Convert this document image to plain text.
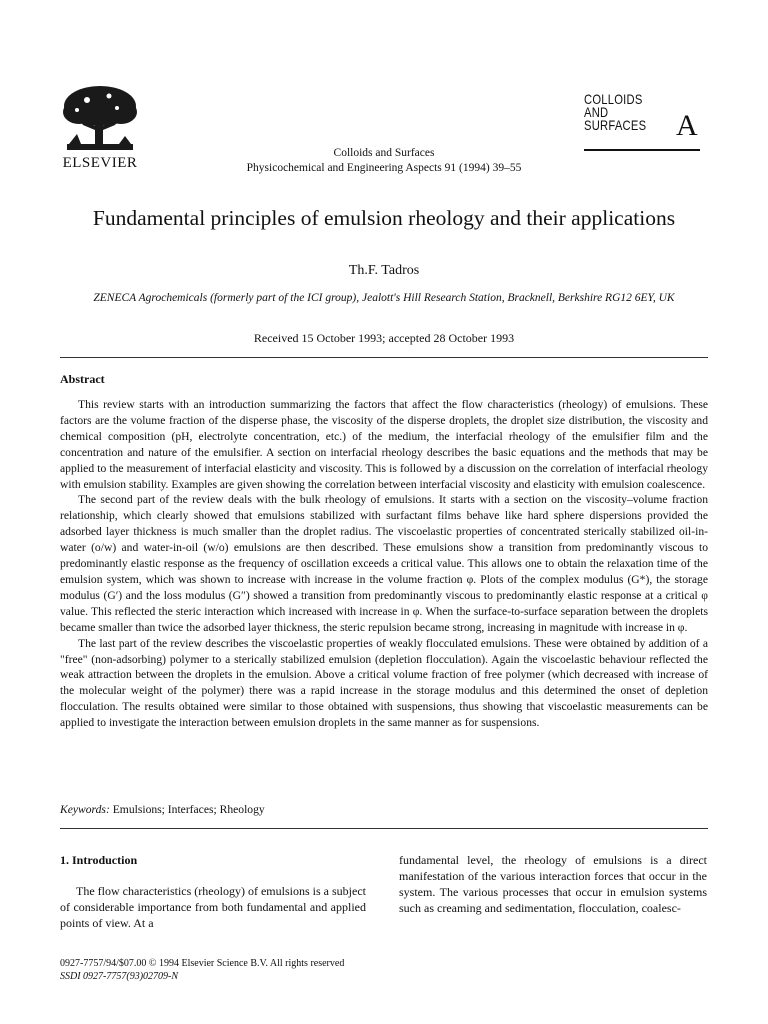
ELSEVIER
Colloids and Surfaces
Physicochemical and Engineering Aspects 91 (1994) 39–55
COLLOIDS
AND
SURFACES A
Fundamental principles of emulsion rheology and their applications
Th.F. Tadros
ZENECA Agrochemicals (formerly part of the ICI group), Jealott's Hill Research Station, Bracknell, Berkshire RG12 6EY, UK
Received 15 October 1993; accepted 28 October 1993
Abstract

This review starts with an introduction summarizing the factors that affect the flow characteristics (rheology) of emulsions. These factors are the volume fraction of the disperse phase, the viscosity of the disperse droplets, the droplet size distribution, the viscosity and chemical composition (pH, electrolyte concentration, etc.) of the medium, the interfacial rheology of the emulsifier film and the concentration and nature of the emulsifier. A section on interfacial rheology describes the basic equations and the methods that may be applied to the measurement of interfacial elasticity and viscosity. This is followed by a discussion on the correlation of interfacial rheology with emulsion stability. Examples are given showing the correlation between interfacial viscosity and elasticity with emulsion coalescence.

The second part of the review deals with the bulk rheology of emulsions. It starts with a section on the viscosity–volume fraction relationship, which clearly showed that emulsions stabilized with surfactant films behave like hard sphere dispersions provided the adsorbed layer thickness is much smaller than the droplet radius. The viscoelastic properties of concentrated sterically stabilized oil-in-water (o/w) and water-in-oil (w/o) emulsions are then described. These emulsions show a transition from predominantly viscous to predominantly elastic response as the frequency of oscillation exceeds a critical value. This allows one to obtain the relaxation time of the emulsion system, which was shown to increase with increase in the volume fraction φ. Plots of the complex modulus (G*), the storage modulus (G′) and the loss modulus (G″) showed a transition from predominantly viscous to predominantly elastic response at a critical φ value. This reflected the steric interaction which increased with increase in φ. When the surface-to-surface separation between the droplets became smaller than twice the adsorbed layer thickness, the steric repulsion became strong, increasing in magnitude with increase in φ.

The last part of the review describes the viscoelastic properties of weakly flocculated emulsions. These were obtained by addition of a "free" (non-adsorbing) polymer to a sterically stabilized emulsion (depletion flocculation). Again the viscoelastic behaviour reflected the weak attraction between the droplets in the emulsion. Above a critical volume fraction of free polymer (which decreased with increase of the molecular weight of the polymer) there was a rapid increase in the storage modulus and this determined the onset of depletion flocculation. The results obtained were similar to those obtained with suspensions, thus showing that viscoelastic measurements can be applied to investigate the interaction between emulsion droplets in the same manner as for suspensions.

Keywords: Emulsions; Interfaces; Rheology
1. Introduction

The flow characteristics (rheology) of emulsions is a subject of considerable importance from both fundamental and applied points of view. At a

fundamental level, the rheology of emulsions is a direct manifestation of the various interaction forces that occur in the system. The various processes that occur in emulsion systems such as creaming and sedimentation, flocculation, coalesc-

0927-7757/94/$07.00 © 1994 Elsevier Science B.V. All rights reserved
SSDI 0927-7757(93)02709-N
